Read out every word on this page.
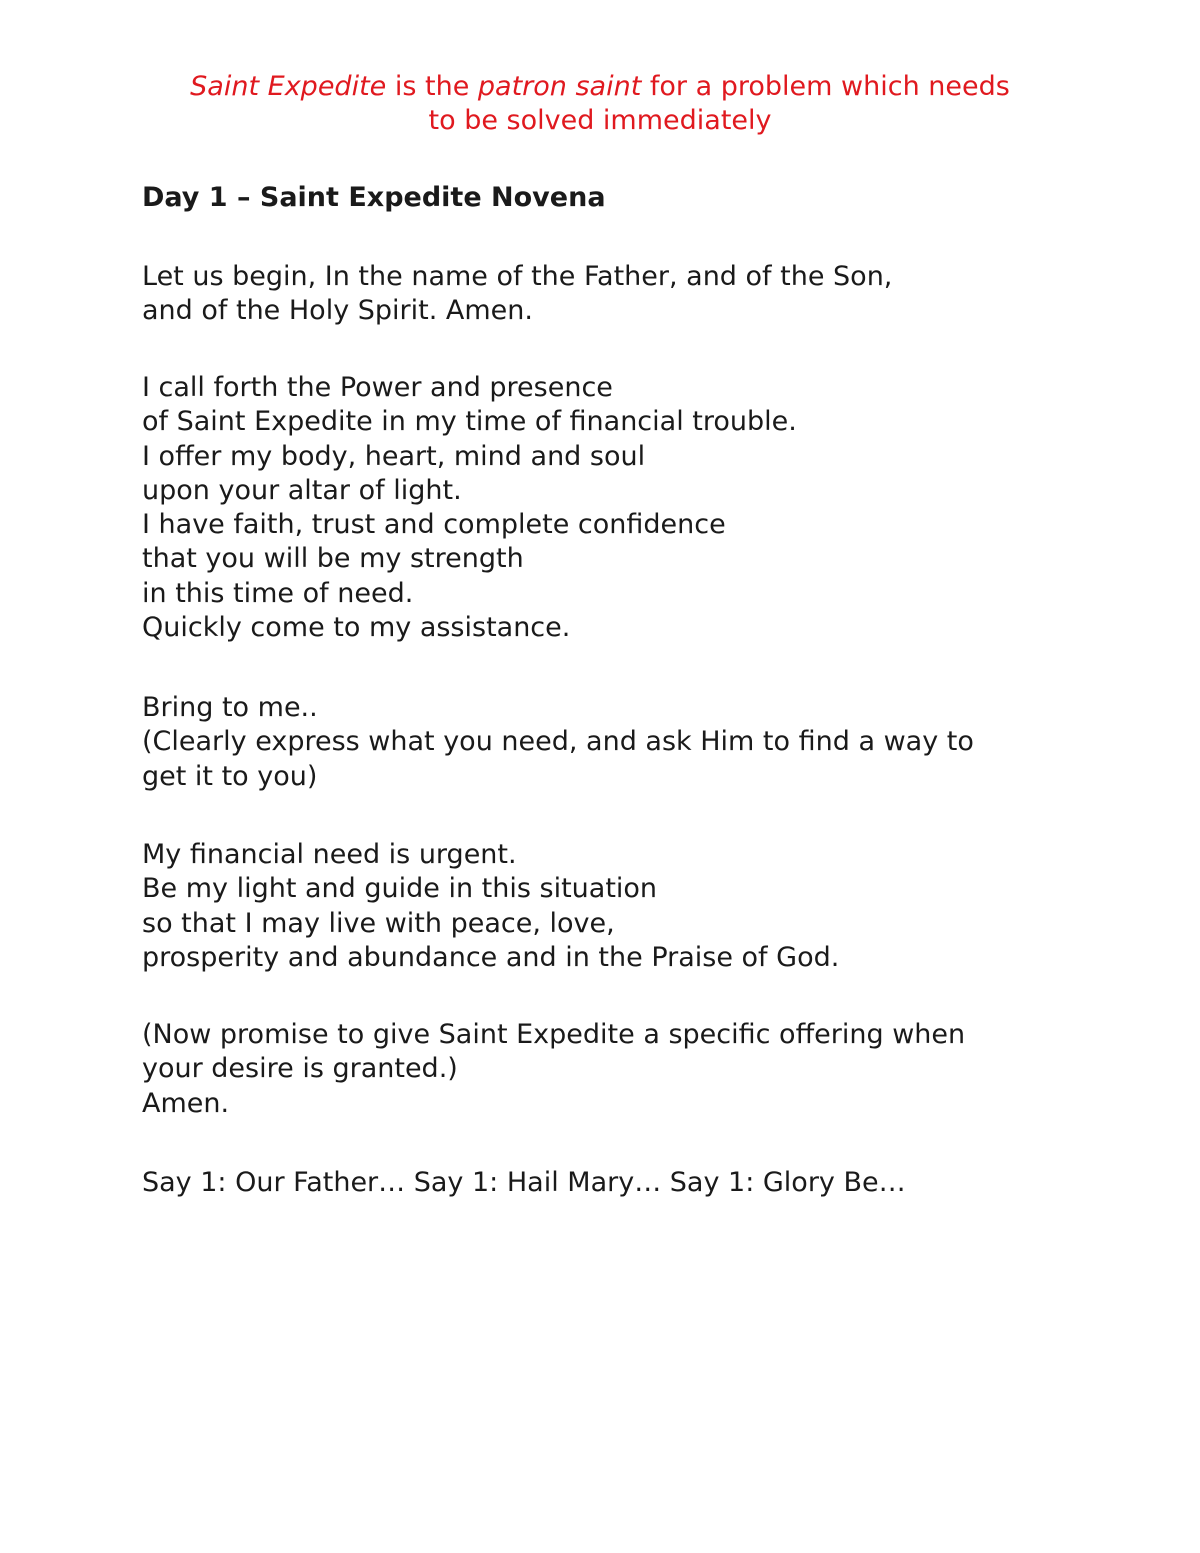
Saint Expedite is the patron saint for a problem which needs
to be solved immediately
Day 1 – Saint Expedite Novena

Let us begin, In the name of the Father, and of the Son,
and of the Holy Spirit. Amen.

I call forth the Power and presence
of Saint Expedite in my time of financial trouble.
I offer my body, heart, mind and soul
upon your altar of light.
I have faith, trust and complete confidence
that you will be my strength
in this time of need.
Quickly come to my assistance.

Bring to me..
(Clearly express what you need, and ask Him to find a way to
get it to you)

My financial need is urgent.
Be my light and guide in this situation
so that I may live with peace, love,
prosperity and abundance and in the Praise of God.

(Now promise to give Saint Expedite a specific offering when
your desire is granted.)
Amen.

Say 1: Our Father… Say 1: Hail Mary… Say 1: Glory Be…
